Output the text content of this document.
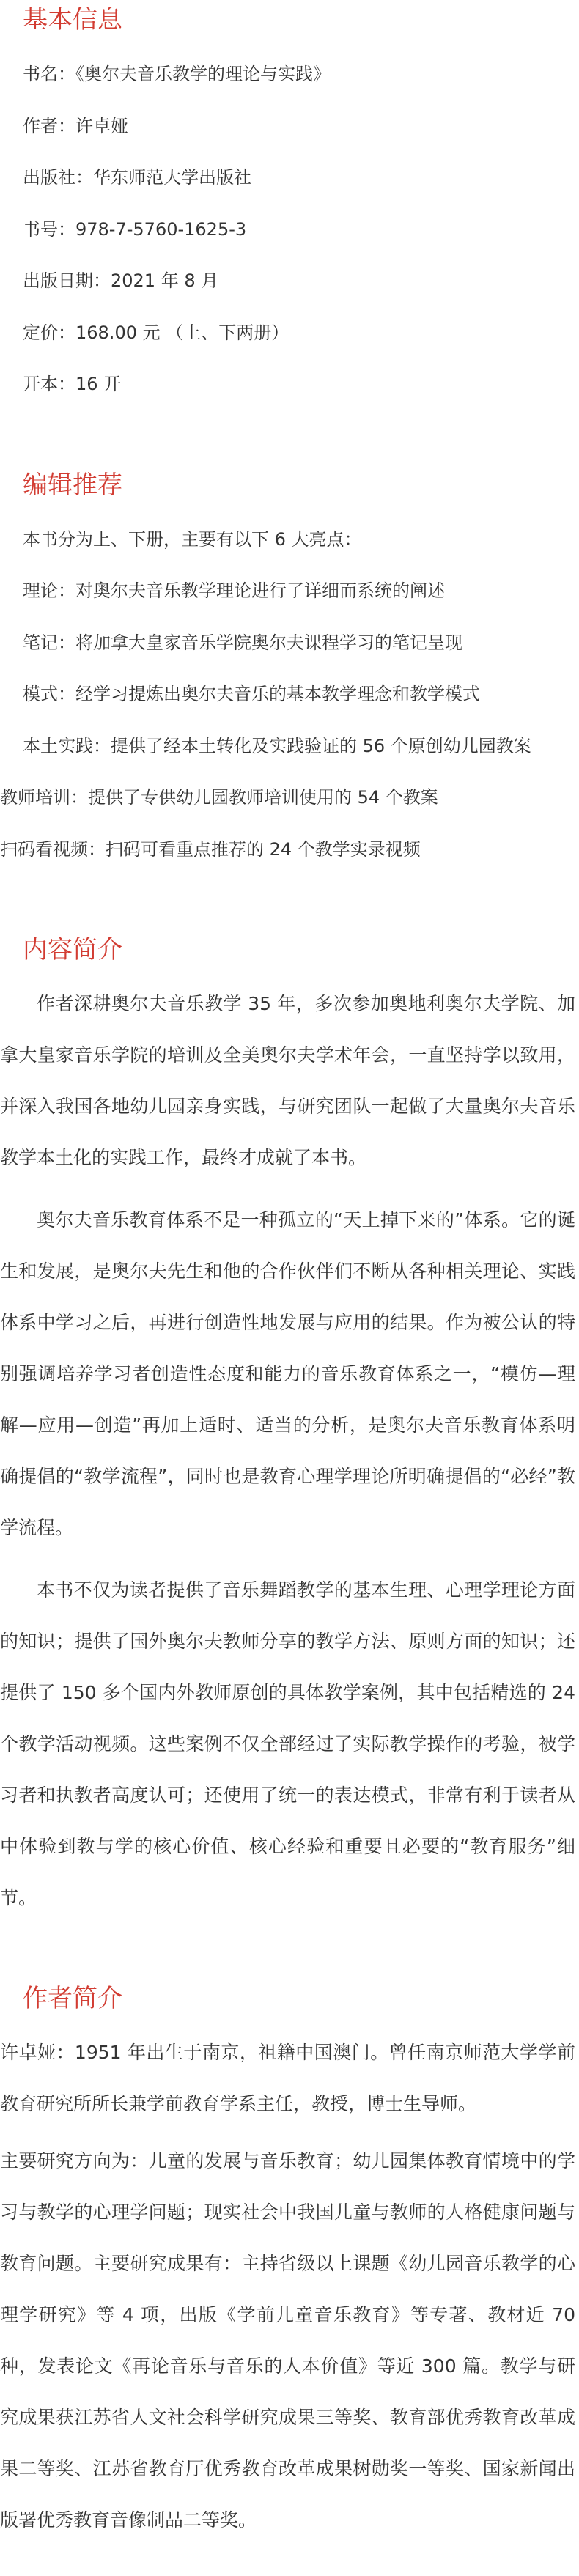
基本信息
书名：《奥尔夫音乐教学的理论与实践》
作者：许卓娅
出版社：华东师范大学出版社
书号：978-7-5760-1625-3
出版日期：2021 年 8 月
定价：168.00 元 （上、下两册）
开本：16 开
编辑推荐
本书分为上、下册，主要有以下 6 大亮点：
理论：对奥尔夫音乐教学理论进行了详细而系统的阐述
笔记：将加拿大皇家音乐学院奥尔夫课程学习的笔记呈现
模式：经学习提炼出奥尔夫音乐的基本教学理念和教学模式
本土实践：提供了经本土转化及实践验证的 56 个原创幼儿园教案
教师培训：提供了专供幼儿园教师培训使用的 54 个教案
扫码看视频：扫码可看重点推荐的 24 个教学实录视频
内容简介

作者深耕奥尔夫音乐教学 35 年，多次参加奥地利奥尔夫学院、加拿大皇家音乐学院的培训及全美奥尔夫学术年会，一直坚持学以致用，并深入我国各地幼儿园亲身实践，与研究团队一起做了大量奥尔夫音乐教学本土化的实践工作，最终才成就了本书。

奥尔夫音乐教育体系不是一种孤立的“天上掉下来的”体系。它的诞生和发展，是奥尔夫先生和他的合作伙伴们不断从各种相关理论、实践体系中学习之后，再进行创造性地发展与应用的结果。作为被公认的特别强调培养学习者创造性态度和能力的音乐教育体系之一，“模仿—理解—应用—创造”再加上适时、适当的分析，是奥尔夫音乐教育体系明确提倡的“教学流程”，同时也是教育心理学理论所明确提倡的“必经”教学流程。

本书不仅为读者提供了音乐舞蹈教学的基本生理、心理学理论方面的知识；提供了国外奥尔夫教师分享的教学方法、原则方面的知识；还提供了 150 多个国内外教师原创的具体教学案例，其中包括精选的 24 个教学活动视频。这些案例不仅全部经过了实际教学操作的考验，被学习者和执教者高度认可；还使用了统一的表达模式，非常有利于读者从中体验到教与学的核心价值、核心经验和重要且必要的“教育服务”细节。

作者简介

许卓娅：1951 年出生于南京，祖籍中国澳门。曾任南京师范大学学前教育研究所所长兼学前教育学系主任，教授，博士生导师。

主要研究方向为：儿童的发展与音乐教育；幼儿园集体教育情境中的学习与教学的心理学问题；现实社会中我国儿童与教师的人格健康问题与教育问题。主要研究成果有：主持省级以上课题《幼儿园音乐教学的心理学研究》等 4 项，出版《学前儿童音乐教育》等专著、教材近 70 种，发表论文《再论音乐与音乐的人本价值》等近 300 篇。教学与研究成果获江苏省人文社会科学研究成果三等奖、教育部优秀教育改革成果二等奖、江苏省教育厅优秀教育改革成果树勋奖一等奖、国家新闻出版署优秀教育音像制品二等奖。
